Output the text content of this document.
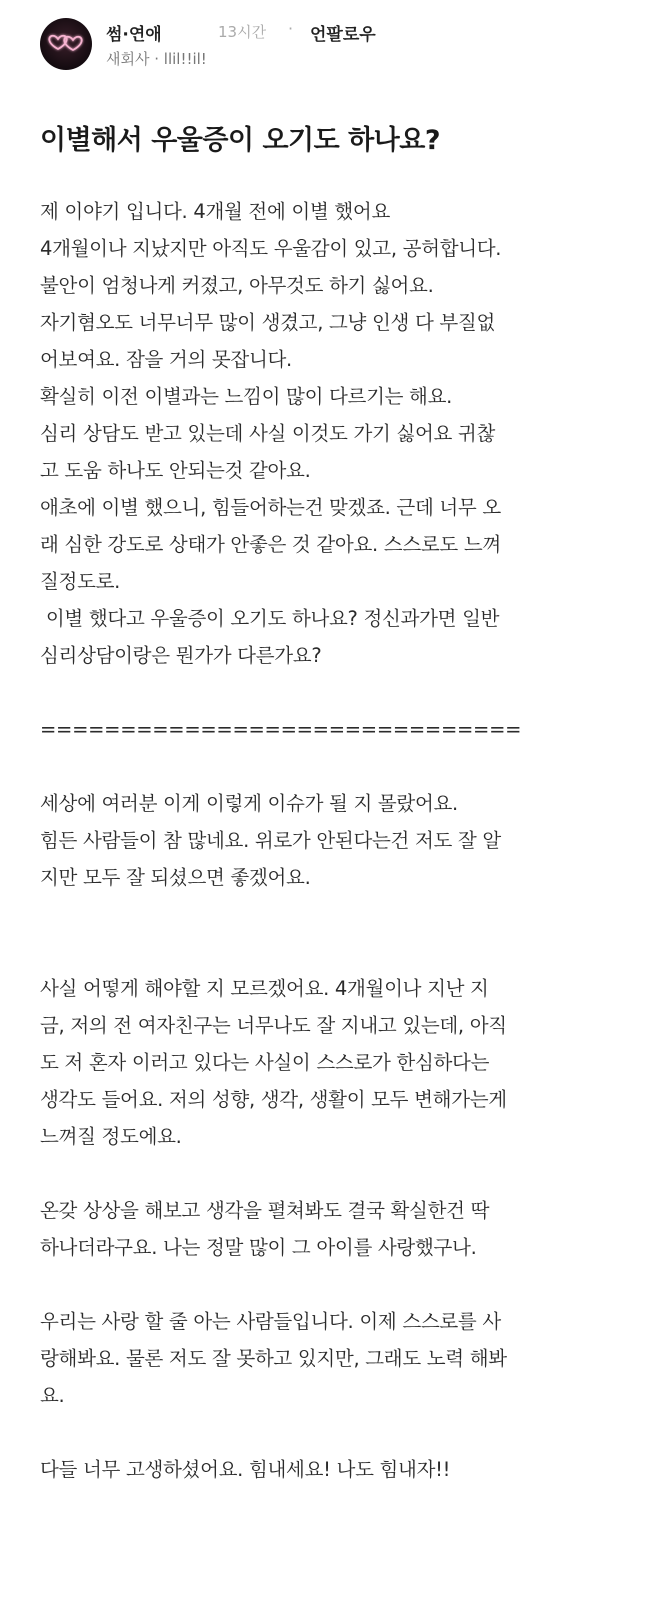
썸·연애	13시간 · 언팔로우
새회사 · llil!!il!
이별해서 우울증이 오기도 하나요?
제 이야기 입니다. 4개월 전에 이별 했어요
4개월이나 지났지만 아직도 우울감이 있고, 공허합니다.
불안이 엄청나게 커졌고, 아무것도 하기 싫어요.
자기혐오도 너무너무 많이 생겼고, 그냥 인생 다 부질없
어보여요. 잠을 거의 못잡니다.
확실히 이전 이별과는 느낌이 많이 다르기는 해요.
심리 상담도 받고 있는데 사실 이것도 가기 싫어요 귀찮
고 도움 하나도 안되는것 같아요.
애초에 이별 했으니, 힘들어하는건 맞겠죠. 근데 너무 오
래 심한 강도로 상태가 안좋은 것 같아요. 스스로도 느껴
질정도로.
이별 했다고 우울증이 오기도 하나요? 정신과가면 일반
심리상담이랑은 뭔가가 다른가요?
==============================
세상에 여러분 이게 이렇게 이슈가 될 지 몰랐어요.
힘든 사람들이 참 많네요. 위로가 안된다는건 저도 잘 알
지만 모두 잘 되셨으면 좋겠어요.
사실 어떻게 해야할 지 모르겠어요. 4개월이나 지난 지
금, 저의 전 여자친구는 너무나도 잘 지내고 있는데, 아직
도 저 혼자 이러고 있다는 사실이 스스로가 한심하다는
생각도 들어요. 저의 성향, 생각, 생활이 모두 변해가는게
느껴질 정도에요.
온갖 상상을 해보고 생각을 펼쳐봐도 결국 확실한건 딱
하나더라구요. 나는 정말 많이 그 아이를 사랑했구나.
우리는 사랑 할 줄 아는 사람들입니다. 이제 스스로를 사
랑해봐요. 물론 저도 잘 못하고 있지만, 그래도 노력 해봐
요.
다들 너무 고생하셨어요. 힘내세요! 나도 힘내자!!
